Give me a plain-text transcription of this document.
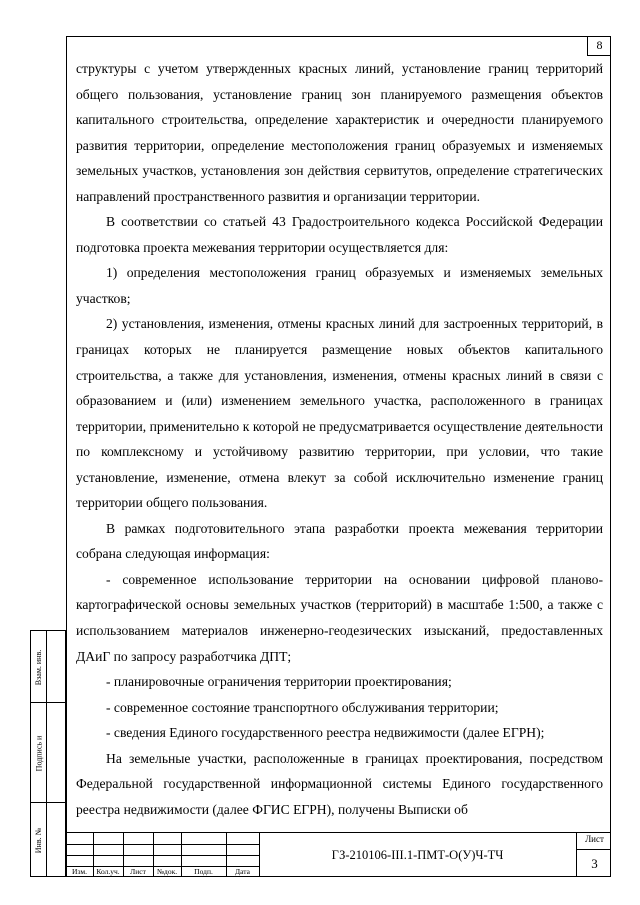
8

структуры с учетом утвержденных красных линий, установление границ территорий общего пользования, установление границ зон планируемого размещения объектов капитального строительства, определение характеристик и очередности планируемого развития территории, определение местоположения границ образуемых и изменяемых земельных участков, установления зон действия сервитутов, определение стратегических направлений пространственного развития и организации территории.

В соответствии со статьей 43 Градостроительного кодекса Российской Федерации подготовка проекта межевания территории осуществляется для:

1) определения местоположения границ образуемых и изменяемых земельных участков;

2) установления, изменения, отмены красных линий для застроенных территорий, в границах которых не планируется размещение новых объектов капитального строительства, а также для установления, изменения, отмены красных линий в связи с образованием и (или) изменением земельного участка, расположенного в границах территории, применительно к которой не предусматривается осуществление деятельности по комплексному и устойчивому развитию территории, при условии, что такие установление, изменение, отмена влекут за собой исключительно изменение границ территории общего пользования.

В рамках подготовительного этапа разработки проекта межевания территории собрана следующая информация:

- современное использование территории на основании цифровой планово-картографической основы земельных участков (территорий) в масштабе 1:500, а также с использованием материалов инженерно-геодезических изысканий, предоставленных ДАиГ по запросу разработчика ДПТ;

- планировочные ограничения территории проектирования;

- современное состояние транспортного обслуживания территории;

- сведения Единого государственного реестра недвижимости (далее ЕГРН);

На земельные участки, расположенные в границах проектирования, посредством Федеральной государственной информационной системы Единого государственного реестра недвижимости (далее ФГИС ЕГРН), получены Выписки об

Взам. инв.
Подпись и
Инв. №
Изм.	Кол.уч.	Лист	№док.	Подп.	Дата
ГЗ-210106-III.1-ПМТ-О(У)Ч-ТЧ
Лист
3
